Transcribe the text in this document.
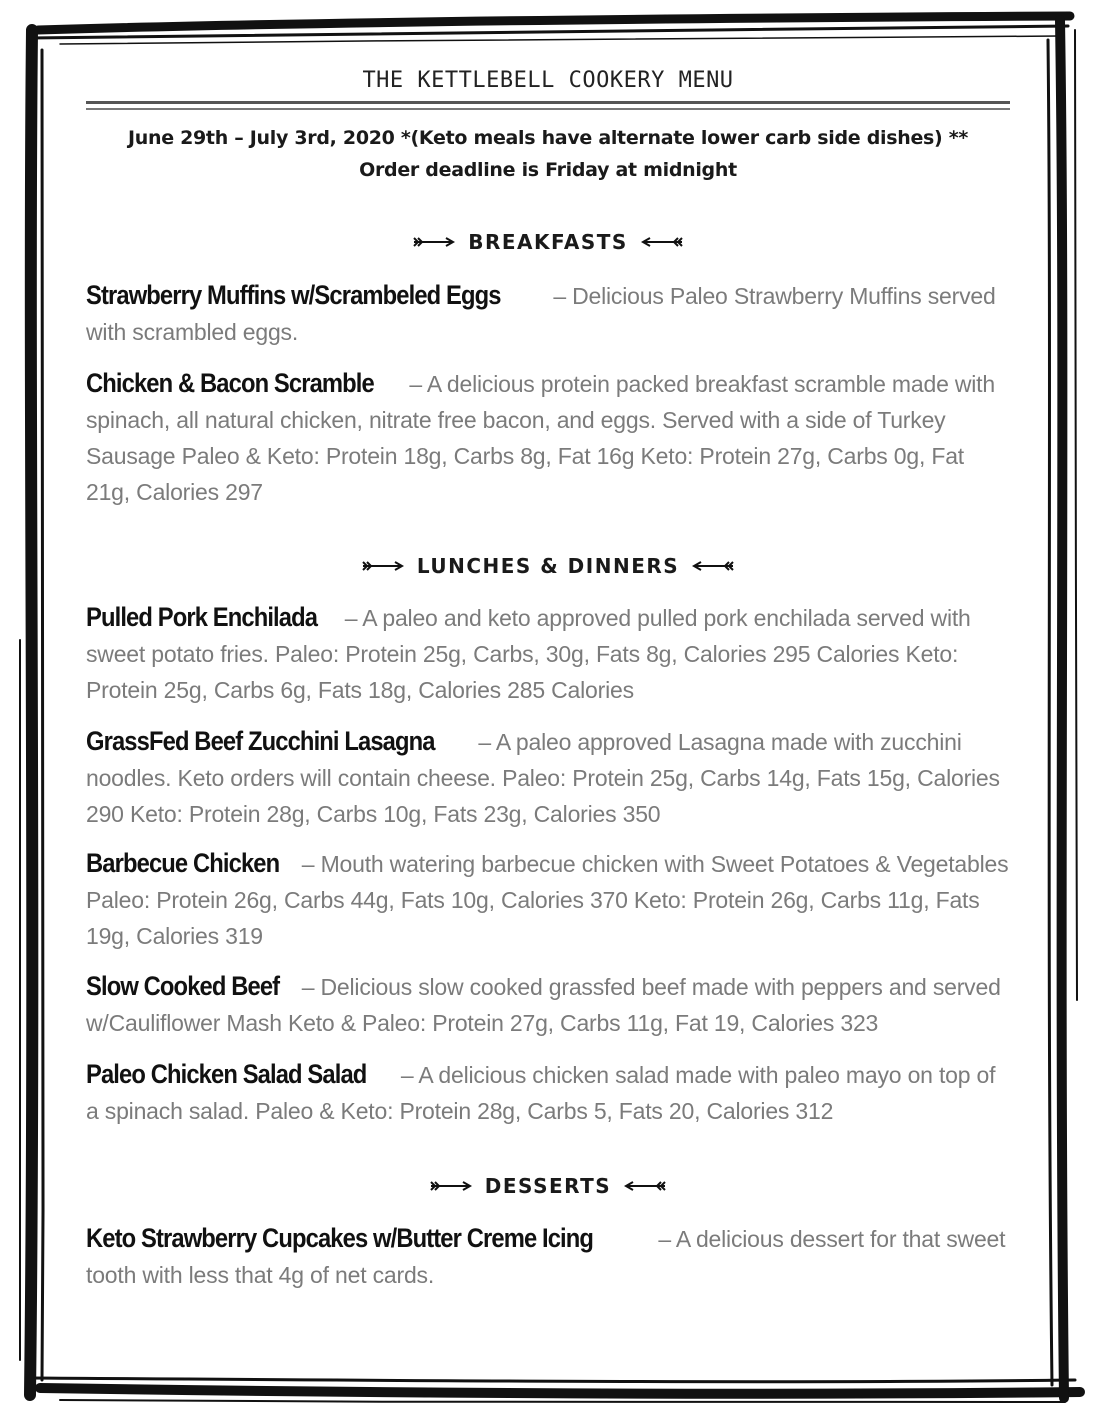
THE KETTLEBELL COOKERY MENU
June 29th – July 3rd, 2020 *(Keto meals have alternate lower carb side dishes) **
Order deadline is Friday at midnight
BREAKFASTS
Strawberry Muffins w/Scrambeled Eggs – Delicious Paleo Strawberry Muffins served with scrambled eggs.
Chicken & Bacon Scramble – A delicious protein packed breakfast scramble made with spinach, all natural chicken, nitrate free bacon, and eggs. Served with a side of Turkey Sausage Paleo & Keto: Protein 18g, Carbs 8g, Fat 16g Keto: Protein 27g, Carbs 0g, Fat 21g, Calories 297
LUNCHES & DINNERS
Pulled Pork Enchilada – A paleo and keto approved pulled pork enchilada served with sweet potato fries. Paleo: Protein 25g, Carbs, 30g, Fats 8g, Calories 295 Calories Keto: Protein 25g, Carbs 6g, Fats 18g, Calories 285 Calories
GrassFed Beef Zucchini Lasagna – A paleo approved Lasagna made with zucchini noodles. Keto orders will contain cheese. Paleo: Protein 25g, Carbs 14g, Fats 15g, Calories 290 Keto: Protein 28g, Carbs 10g, Fats 23g, Calories 350
Barbecue Chicken – Mouth watering barbecue chicken with Sweet Potatoes & Vegetables Paleo: Protein 26g, Carbs 44g, Fats 10g, Calories 370 Keto: Protein 26g, Carbs 11g, Fats 19g, Calories 319
Slow Cooked Beef – Delicious slow cooked grassfed beef made with peppers and served w/Cauliflower Mash Keto & Paleo: Protein 27g, Carbs 11g, Fat 19, Calories 323
Paleo Chicken Salad Salad – A delicious chicken salad made with paleo mayo on top of a spinach salad. Paleo & Keto: Protein 28g, Carbs 5, Fats 20, Calories 312
DESSERTS
Keto Strawberry Cupcakes w/Butter Creme Icing	– A delicious dessert for that sweet tooth with less that 4g of net cards.
